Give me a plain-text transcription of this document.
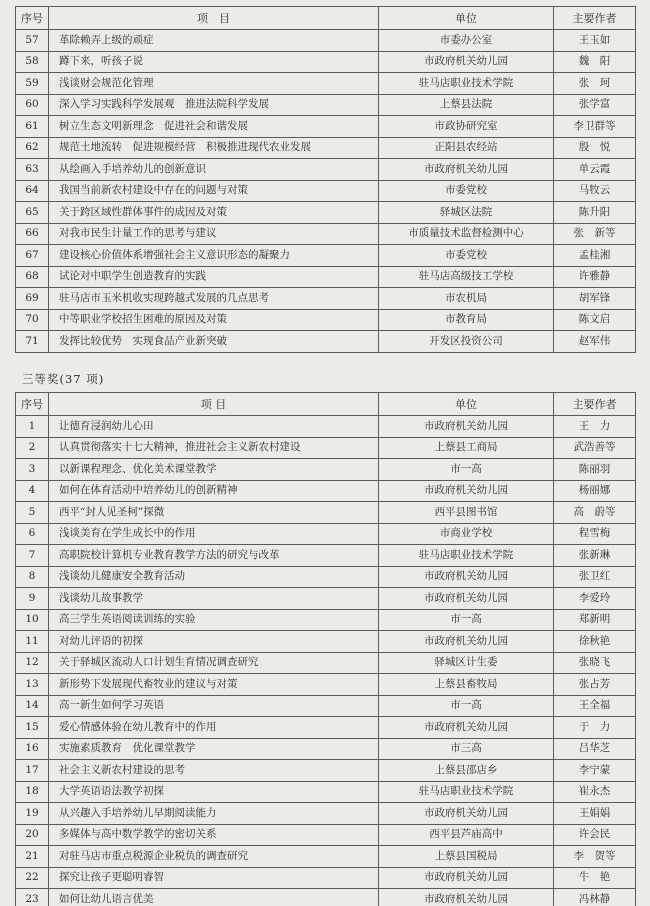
序号	项　目	单位	主要作者
57	革除赖弄上级的顽症	市委办公室	王玉如
58	蹲下来，听孩子说	市政府机关幼儿园	魏　阳
59	浅谈财会规范化管理	驻马店职业技术学院	张　珂
60	深入学习实践科学发展观　推进法院科学发展	上蔡县法院	张学富
61	树立生态文明新理念　促进社会和谐发展	市政协研究室	李卫群等
62	规范土地流转　促进规模经营　积极推进现代农业发展	正阳县农经站	殷　悦
63	从绘画入手培养幼儿的创新意识	市政府机关幼儿园	单云霞
64	我国当前新农村建设中存在的问题与对策	市委党校	马牧云
65	关于跨区域性群体事件的成因及对策	驿城区法院	陈升阳
66	对我市民生计量工作的思考与建议	市质量技术监督检测中心	张　新等
67	建设核心价值体系增强社会主义意识形态的凝聚力	市委党校	孟桂湘
68	试论对中职学生创造教育的实践	驻马店高级技工学校	许雅静
69	驻马店市玉米机收实现跨越式发展的几点思考	市农机局	胡军锋
70	中等职业学校招生困难的原因及对策	市教育局	陈文启
71	发挥比较优势　实现食品产业新突破	开发区投资公司	赵军伟
三等奖(37 项)
序号	项 目	单位	主要作者
1	让德育浸润幼儿心田	市政府机关幼儿园	王　力
2	认真贯彻落实十七大精神，推进社会主义新农村建设	上蔡县工商局	武浩善等
3	以新课程理念、优化美术课堂教学	市一高	陈丽羽
4	如何在体育活动中培养幼儿的创新精神	市政府机关幼儿园	杨丽娜
5	西平“封人见圣柯”探微	西平县图书馆	高　蔚等
6	浅谈美育在学生成长中的作用	市商业学校	程雪梅
7	高职院校计算机专业教育教学方法的研究与改革	驻马店职业技术学院	张新琳
8	浅谈幼儿健康安全教育活动	市政府机关幼儿园	张卫红
9	浅谈幼儿故事教学	市政府机关幼儿园	李爱玲
10	高三学生英语阅读训练的实验	市一高	郑新明
11	对幼儿评语的初探	市政府机关幼儿园	徐秋艳
12	关于驿城区流动人口计划生育情况调查研究	驿城区计生委	张晓飞
13	新形势下发展现代畜牧业的建议与对策	上蔡县畜牧局	张占芳
14	高一新生如何学习英语	市一高	王全福
15	爱心情感体验在幼儿教育中的作用	市政府机关幼儿园	于　力
16	实施素质教育　优化课堂教学	市三高	吕华芝
17	社会主义新农村建设的思考	上蔡县邵店乡	李宁蒙
18	大学英语语法教学初探	驻马店职业技术学院	崔永杰
19	从兴趣入手培养幼儿早期阅读能力	市政府机关幼儿园	王娟娟
20	多媒体与高中数学教学的密切关系	西平县芦庙高中	许会民
21	对驻马店市重点税源企业税负的调查研究	上蔡县国税局	李　贺等
22	探究让孩子更聪明睿智	市政府机关幼儿园	牛　艳
23	如何让幼儿语言优美	市政府机关幼儿园	冯林静
